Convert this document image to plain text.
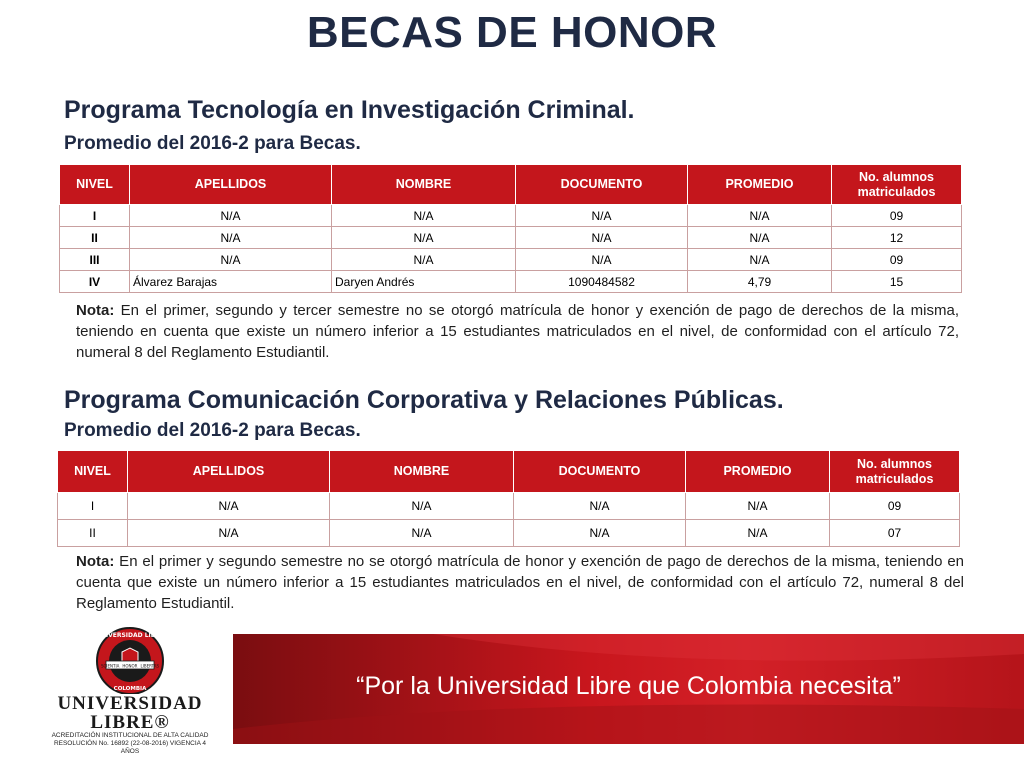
BECAS DE HONOR
Programa Tecnología en Investigación Criminal.
Promedio del 2016-2 para Becas.
NIVEL	APELLIDOS	NOMBRE	DOCUMENTO	PROMEDIO	No. alumnos matriculados
I	N/A	N/A	N/A	N/A	09
II	N/A	N/A	N/A	N/A	12
III	N/A	N/A	N/A	N/A	09
IV	Álvarez Barajas	Daryen Andrés	1090484582	4,79	15
Nota: En el primer, segundo y tercer semestre no se otorgó matrícula de honor y exención de pago de derechos de la misma, teniendo en cuenta que existe un número inferior a 15 estudiantes matriculados en el nivel, de conformidad con el artículo 72, numeral 8 del Reglamento Estudiantil.
Programa Comunicación Corporativa y Relaciones Públicas.
Promedio del 2016-2 para Becas.
NIVEL	APELLIDOS	NOMBRE	DOCUMENTO	PROMEDIO	No. alumnos matriculados
I	N/A	N/A	N/A	N/A	09
II	N/A	N/A	N/A	N/A	07
Nota: En el primer y segundo semestre no se otorgó matrícula de honor y exención de pago de derechos de la misma, teniendo en cuenta que existe un número inferior a 15 estudiantes matriculados en el nivel, de conformidad con el artículo 72, numeral 8 del Reglamento Estudiantil.
SCIENTIA HONOR LIBERTAS
UNIVERSIDAD LIBRE
COLOMBIA
UNIVERSIDAD
LIBRE®
ACREDITACIÓN INSTITUCIONAL DE ALTA CALIDAD
RESOLUCIÓN No. 16892 (22-08-2016) VIGENCIA 4 AÑOS
“Por la Universidad Libre que Colombia necesita”
